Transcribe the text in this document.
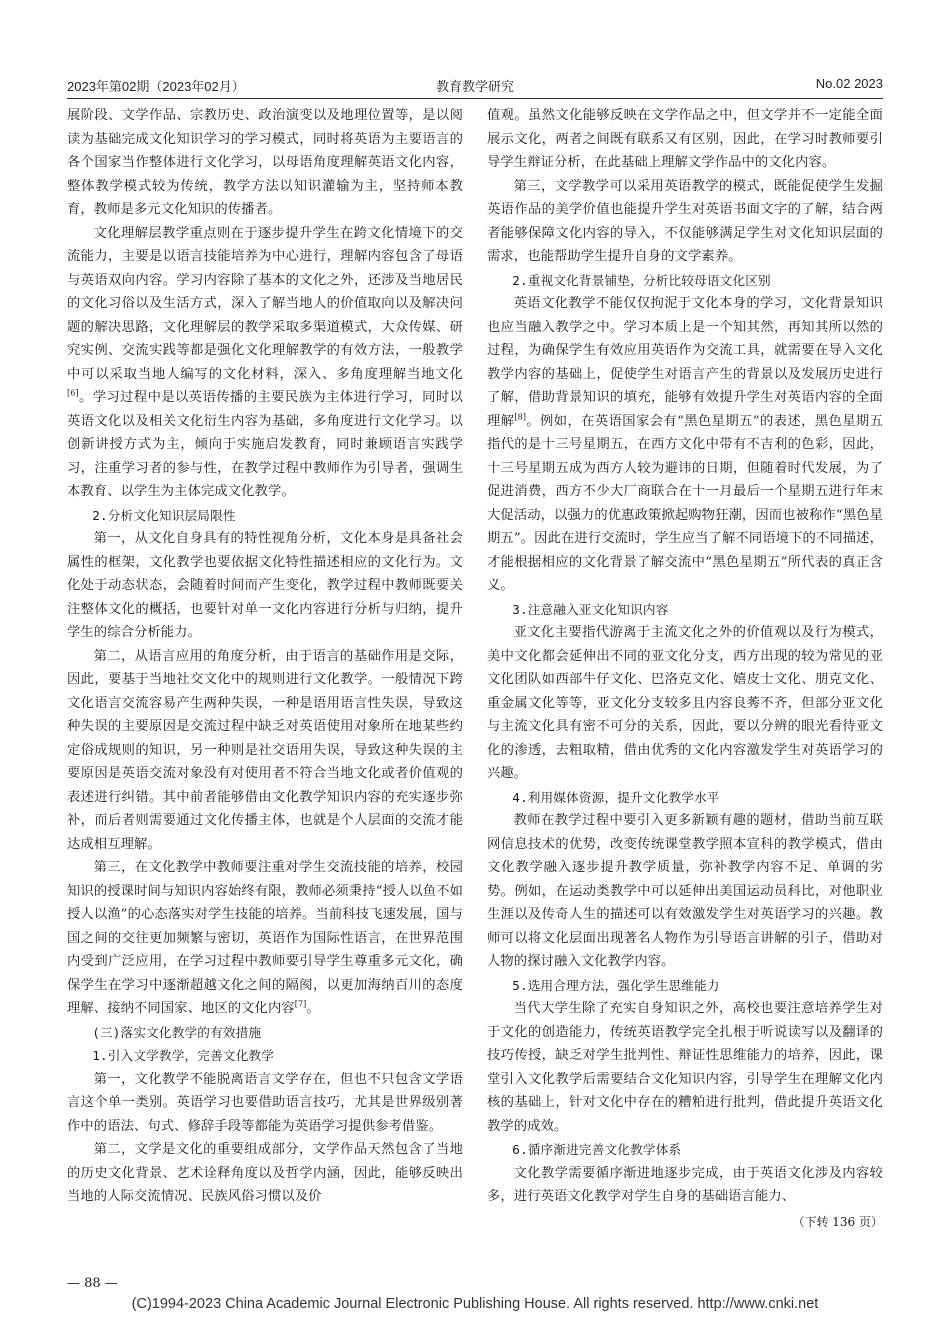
2023年第02期（2023年02月）	教育教学研究	No.02 2023

展阶段、文学作品、宗教历史、政治演变以及地理位置等，是以阅读为基础完成文化知识学习的学习模式，同时将英语为主要语言的各个国家当作整体进行文化学习，以母语角度理解英语文化内容，整体教学模式较为传统，教学方法以知识灌输为主，坚持师本教育，教师是多元文化知识的传播者。

文化理解层教学重点则在于逐步提升学生在跨文化情境下的交流能力，主要是以语言技能培养为中心进行，理解内容包含了母语与英语双向内容。学习内容除了基本的文化之外，还涉及当地居民的文化习俗以及生活方式，深入了解当地人的价值取向以及解决问题的解决思路，文化理解层的教学采取多渠道模式，大众传媒、研究实例、交流实践等都是强化文化理解教学的有效方法，一般教学中可以采取当地人编写的文化材料，深入、多角度理解当地文化[6]。学习过程中是以英语传播的主要民族为主体进行学习，同时以英语文化以及相关文化衍生内容为基础，多角度进行文化学习。以创新讲授方式为主，倾向于实施启发教育，同时兼顾语言实践学习，注重学习者的参与性，在教学过程中教师作为引导者，强调生本教育、以学生为主体完成文化教学。

2.分析文化知识层局限性

第一，从文化自身具有的特性视角分析，文化本身是具备社会属性的框架，文化教学也要依据文化特性描述相应的文化行为。文化处于动态状态，会随着时间而产生变化，教学过程中教师既要关注整体文化的概括，也要针对单一文化内容进行分析与归纳，提升学生的综合分析能力。

第二，从语言应用的角度分析，由于语言的基础作用是交际，因此，要基于当地社交文化中的规则进行文化教学。一般情况下跨文化语言交流容易产生两种失误，一种是语用语言性失误，导致这种失误的主要原因是交流过程中缺乏对英语使用对象所在地某些约定俗成规则的知识，另一种则是社交语用失误，导致这种失误的主要原因是英语交流对象没有对使用者不符合当地文化或者价值观的表述进行纠错。其中前者能够借由文化教学知识内容的充实逐步弥补，而后者则需要通过文化传播主体，也就是个人层面的交流才能达成相互理解。

第三，在文化教学中教师要注重对学生交流技能的培养，校园知识的授课时间与知识内容始终有限，教师必须秉持“授人以鱼不如授人以渔”的心态落实对学生技能的培养。当前科技飞速发展，国与国之间的交往更加频繁与密切，英语作为国际性语言，在世界范围内受到广泛应用，在学习过程中教师要引导学生尊重多元文化，确保学生在学习中逐渐超越文化之间的隔阂，以更加海纳百川的态度理解、接纳不同国家、地区的文化内容[7]。

(三)落实文化教学的有效措施
1.引入文学教学，完善文化教学

第一，文化教学不能脱离语言文学存在，但也不只包含文学语言这个单一类别。英语学习也要借助语言技巧，尤其是世界级别著作中的语法、句式、修辞手段等都能为英语学习提供参考借鉴。

第二，文学是文化的重要组成部分，文学作品天然包含了当地的历史文化背景、艺术诠释角度以及哲学内涵，因此，能够反映出当地的人际交流情况、民族风俗习惯以及价

值观。虽然文化能够反映在文学作品之中，但文学并不一定能全面展示文化，两者之间既有联系又有区别，因此，在学习时教师要引导学生辩证分析，在此基础上理解文学作品中的文化内容。

第三，文学教学可以采用英语教学的模式，既能促使学生发掘英语作品的美学价值也能提升学生对英语书面文字的了解，结合两者能够保障文化内容的导入，不仅能够满足学生对文化知识层面的需求，也能帮助学生提升自身的文学素养。

2.重视文化背景铺垫，分析比较母语文化区别

英语文化教学不能仅仅拘泥于文化本身的学习，文化背景知识也应当融入教学之中。学习本质上是一个知其然，再知其所以然的过程，为确保学生有效应用英语作为交流工具，就需要在导入文化教学内容的基础上，促使学生对语言产生的背景以及发展历史进行了解，借助背景知识的填充，能够有效提升学生对英语内容的全面理解[8]。例如，在英语国家会有“黑色星期五”的表述，黑色星期五指代的是十三号星期五，在西方文化中带有不吉利的色彩，因此，十三号星期五成为西方人较为避讳的日期，但随着时代发展，为了促进消费，西方不少大厂商联合在十一月最后一个星期五进行年末大促活动，以强力的优惠政策掀起购物狂潮，因而也被称作“黑色星期五”。因此在进行交流时，学生应当了解不同语境下的不同描述，才能根据相应的文化背景了解交流中“黑色星期五”所代表的真正含义。

3.注意融入亚文化知识内容

亚文化主要指代游离于主流文化之外的价值观以及行为模式，美中文化都会延伸出不同的亚文化分支，西方出现的较为常见的亚文化团队如西部牛仔文化、巴洛克文化、嬉皮士文化、朋克文化、重金属文化等等，亚文化分支较多且内容良莠不齐，但部分亚文化与主流文化具有密不可分的关系，因此，要以分辨的眼光看待亚文化的渗透，去粗取精，借由优秀的文化内容激发学生对英语学习的兴趣。

4.利用媒体资源，提升文化教学水平

教师在教学过程中要引入更多新颖有趣的题材，借助当前互联网信息技术的优势，改变传统课堂教学照本宣科的教学模式，借由文化教学融入逐步提升教学质量，弥补教学内容不足、单调的劣势。例如，在运动类教学中可以延伸出美国运动员科比，对他职业生涯以及传奇人生的描述可以有效激发学生对英语学习的兴趣。教师可以将文化层面出现著名人物作为引导语言讲解的引子，借助对人物的探讨融入文化教学内容。

5.选用合理方法，强化学生思维能力

当代大学生除了充实自身知识之外，高校也要注意培养学生对于文化的创造能力，传统英语教学完全扎根于听说读写以及翻译的技巧传授，缺乏对学生批判性、辩证性思维能力的培养，因此，课堂引入文化教学后需要结合文化知识内容，引导学生在理解文化内核的基础上，针对文化中存在的糟粕进行批判，借此提升英语文化教学的成效。

6.循序渐进完善文化教学体系

文化教学需要循序渐进地逐步完成，由于英语文化涉及内容较多，进行英语文化教学对学生自身的基础语言能力、

（下转 136 页）
— 88 —
(C)1994-2023 China Academic Journal Electronic Publishing House. All rights reserved. http://www.cnki.net
